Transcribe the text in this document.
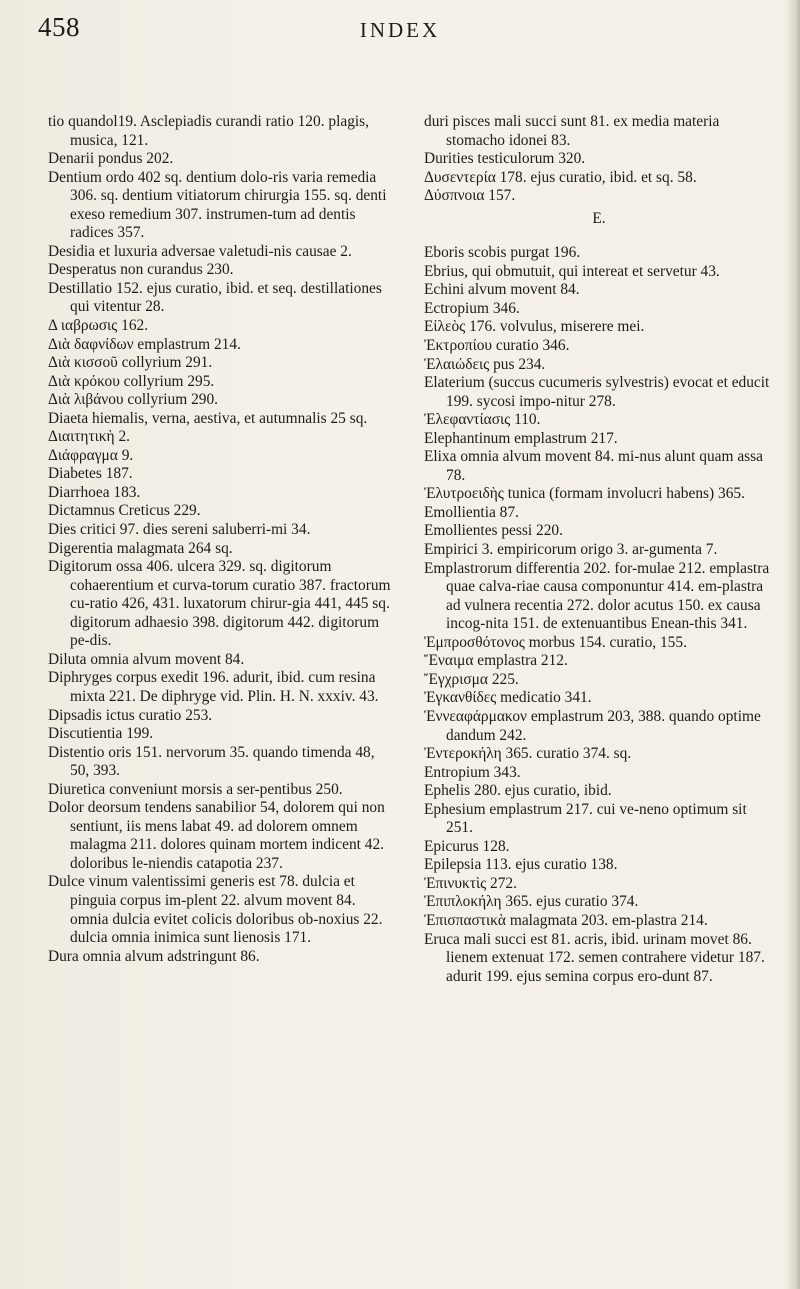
458	INDEX

tio quandol19. Asclepiadis curandi ratio 120. plagis, musica, 121.

Denarii pondus 202.

Dentium ordo 402 sq. dentium dolo-ris varia remedia 306. sq. dentium vitiatorum chirurgia 155. sq. denti exeso remedium 307. instrumen-tum ad dentis radices 357.

Desidia et luxuria adversae valetudi-nis causae 2.

Desperatus non curandus 230.

Destillatio 152. ejus curatio, ibid. et seq. destillationes qui vitentur 28.

Δ ιαβρωσις 162.

Διὰ δαφνίδων emplastrum 214.

Διὰ κισσοῦ collyrium 291.

Διὰ κρόκου collyrium 295.

Διὰ λιβάνου collyrium 290.

Diaeta hiemalis, verna, aestiva, et autumnalis 25 sq.

Διαιτητικὴ 2.

Διάφραγμα 9.

Diabetes 187.

Diarrhoea 183.

Dictamnus Creticus 229.

Dies critici 97. dies sereni saluberri-mi 34.

Digerentia malagmata 264 sq.

Digitorum ossa 406. ulcera 329. sq. digitorum cohaerentium et curva-torum curatio 387. fractorum cu-ratio 426, 431. luxatorum chirur-gia 441, 445 sq. digitorum adhaesio 398. digitorum 442. digitorum pe-dis.

Diluta omnia alvum movent 84.

Diphryges corpus exedit 196. adurit, ibid. cum resina mixta 221. De diphryge vid. Plin. H. N. xxxiv. 43.

Dipsadis ictus curatio 253.

Discutientia 199.

Distentio oris 151. nervorum 35. quando timenda 48, 50, 393.

Diuretica conveniunt morsis a ser-pentibus 250.

Dolor deorsum tendens sanabilior 54, dolorem qui non sentiunt, iis mens labat 49. ad dolorem omnem malagma 211. dolores quinam mortem indicent 42. doloribus le-niendis catapotia 237.

Dulce vinum valentissimi generis est 78. dulcia et pinguia corpus im-plent 22. alvum movent 84. omnia dulcia evitet colicis doloribus ob-noxius 22. dulcia omnia inimica sunt lienosis 171.

Dura omnia alvum adstringunt 86.

duri pisces mali succi sunt 81. ex media materia stomacho idonei 83.

Durities testiculorum 320.

Δυσεντερία 178. ejus curatio, ibid. et sq. 58.

Δύσπνοια 157.

E.

Eboris scobis purgat 196.

Ebrius, qui obmutuit, qui intereat et servetur 43.

Echini alvum movent 84.

Ectropium 346.

Εἰλεὸς 176. volvulus, miserere mei.

Ἐκτροπίου curatio 346.

Ἐλαιώδεις pus 234.

Elaterium (succus cucumeris sylvestris) evocat et educit 199. sycosi impo-nitur 278.

Ἐλεφαντίασις 110.

Elephantinum emplastrum 217.

Elixa omnia alvum movent 84. mi-nus alunt quam assa 78.

Ἐλυτροειδὴς tunica (formam involucri habens) 365.

Emollientia 87.

Emollientes pessi 220.

Empirici 3. empiricorum origo 3. ar-gumenta 7.

Emplastrorum differentia 202. for-mulae 212. emplastra quae calva-riae causa componuntur 414. em-plastra ad vulnera recentia 272. dolor acutus 150. ex causa incog-nita 151. de extenuantibus Enean-this 341.

Ἐμπροσθότονος morbus 154. curatio, 155.

Ἔναιμα emplastra 212.

Ἔγχρισμα 225.

Ἐγκανθίδες medicatio 341.

Ἐννεαφάρμακον emplastrum 203, 388. quando optime dandum 242.

Ἐντεροκήλη 365. curatio 374. sq.

Entropium 343.

Ephelis 280. ejus curatio, ibid.

Ephesium emplastrum 217. cui ve-neno optimum sit 251.

Epicurus 128.

Epilepsia 113. ejus curatio 138.

Ἐπινυκτὶς 272.

Ἐπιπλοκήλη 365. ejus curatio 374.

Ἐπισπαστικὰ malagmata 203. em-plastra 214.

Eruca mali succi est 81. acris, ibid. urinam movet 86. lienem extenuat 172. semen contrahere videtur 187. adurit 199. ejus semina corpus ero-dunt 87.
